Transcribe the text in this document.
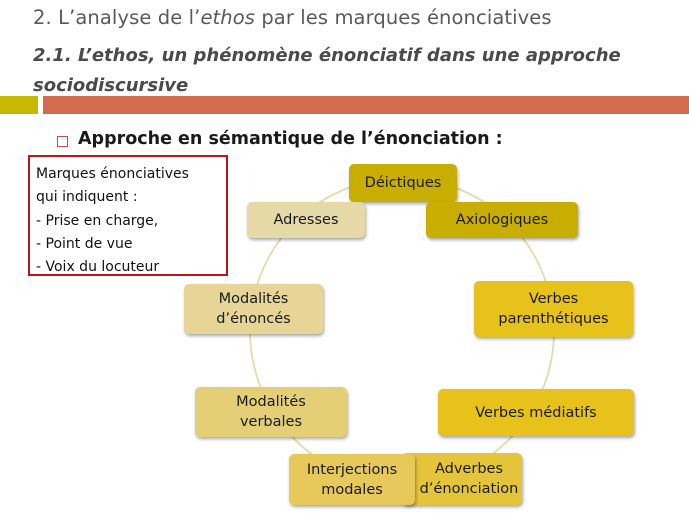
2. L’analyse de l’ethos par les marques énonciatives
2.1. L’ethos, un phénomène énonciatif dans une approche sociodiscursive
Approche en sémantique de l’énonciation :
Marques énonciatives
qui indiquent :
- Prise en charge,
- Point de vue
- Voix du locuteur
Déictiques
Axiologiques
Verbes parenthétiques
Verbes médiatifs
Adverbes d’énonciation
Interjections modales
Modalités verbales
Modalités d’énoncés
Adresses
